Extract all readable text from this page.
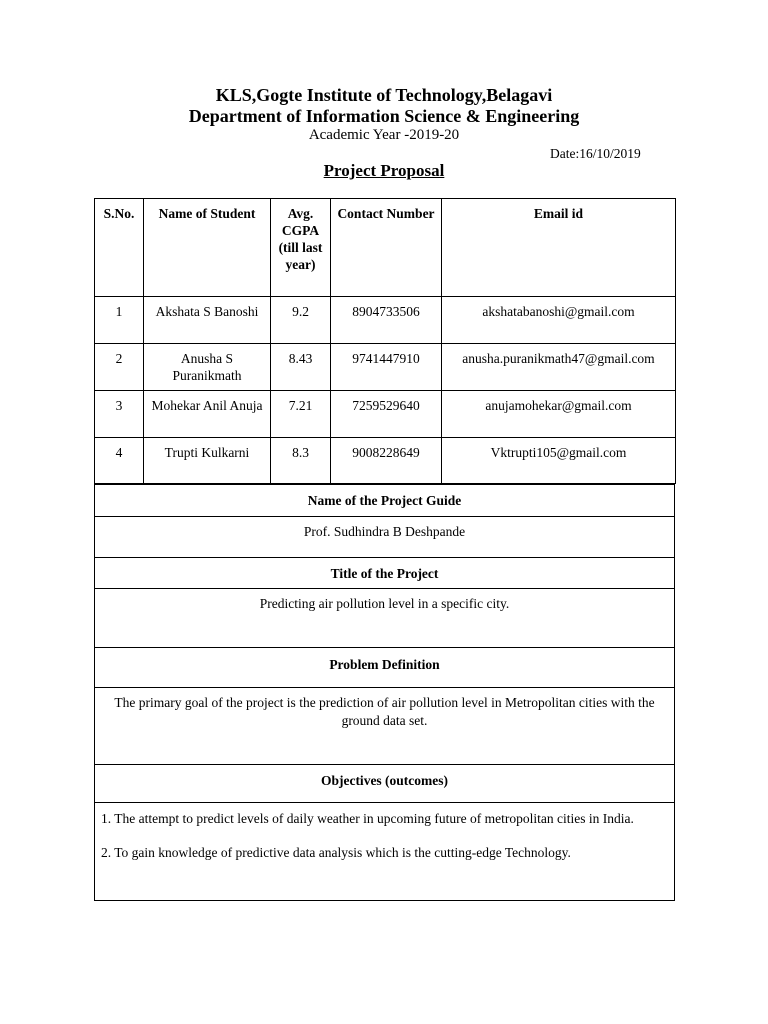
KLS,Gogte Institute of Technology,Belagavi
Department of Information Science & Engineering
Academic Year -2019-20
Date:16/10/2019
Project Proposal
S.No.	Name of Student	Avg. CGPA (till last year)	Contact Number	Email id
1	Akshata S Banoshi	9.2	8904733506	akshatabanoshi@gmail.com
2	Anusha S Puranikmath	8.43	9741447910	anusha.puranikmath47@gmail.com
3	Mohekar Anil Anuja	7.21	7259529640	anujamohekar@gmail.com
4	Trupti Kulkarni	8.3	9008228649	Vktrupti105@gmail.com
Name of the Project Guide
Prof. Sudhindra B Deshpande
Title of the Project
Predicting air pollution level in a specific city.
Problem Definition
The primary goal of the project is the prediction of air pollution level in Metropolitan cities with the ground data set.
Objectives (outcomes)

1. The attempt to predict levels of daily weather in upcoming future of metropolitan cities in India.

2. To gain knowledge of predictive data analysis which is the cutting-edge Technology.
